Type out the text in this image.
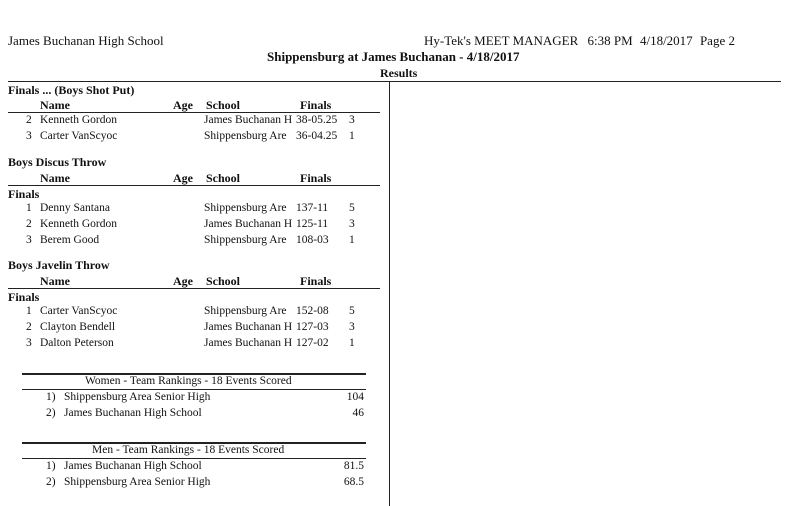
James Buchanan High School	Hy-Tek's MEET MANAGER 6:38 PM 4/18/2017 Page 2
Shippensburg at James Buchanan - 4/18/2017
Results
Finals ... (Boys Shot Put)
Name	Age School	Finals
2 Kenneth Gordon	James Buchanan H 38-05.25 3
3 Carter VanScyoc	Shippensburg Are 36-04.25 1
Boys Discus Throw
Name	Age School	Finals
Finals
1 Denny Santana	Shippensburg Are 137-11 5
2 Kenneth Gordon	James Buchanan H 125-11 3
3 Berem Good	Shippensburg Are 108-03 1
Boys Javelin Throw
Name	Age School	Finals
Finals
1 Carter VanScyoc	Shippensburg Are 152-08 5
2 Clayton Bendell	James Buchanan H 127-03 3
3 Dalton Peterson	James Buchanan H 127-02 1
Women - Team Rankings - 18 Events Scored
1) Shippensburg Area Senior High	104
2) James Buchanan High School	46
Men - Team Rankings - 18 Events Scored
1) James Buchanan High School	81.5
2) Shippensburg Area Senior High	68.5
